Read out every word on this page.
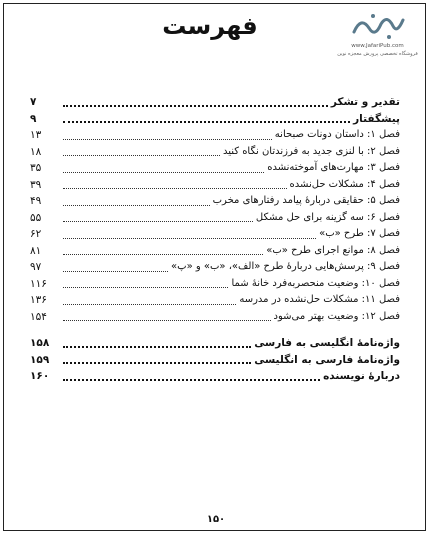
www.JafariPub.com
فروشگاه تخصصی پرورش معجزه نوین
فهرست
تقدیر و تشکر
۷
پیشگفتار
۹
فصل ۱: داستان دونات صبحانه
۱۳
فصل ۲: با لنزی جدید به فرزندتان نگاه کنید
۱۸
فصل ۳: مهارت‌های آموخته‌نشده
۳۵
فصل ۴: مشکلات حل‌نشده
۳۹
فصل ۵: حقایقی دربارهٔ پیامد رفتارهای مخرب
۴۹
فصل ۶: سه گزینه برای حل مشکل
۵۵
فصل ۷: طرح «ب»
۶۲
فصل ۸: موانع اجرای طرح «ب»
۸۱
فصل ۹: پرسش‌هایی دربارهٔ طرح «الف»، «ب» و «پ»
۹۷
فصل ۱۰: وضعیت منحصربه‌فرد خانهٔ شما
۱۱۶
فصل ۱۱: مشکلات حل‌نشده در مدرسه
۱۳۶
فصل ۱۲: وضعیت بهتر می‌شود
۱۵۴
واژه‌نامهٔ انگلیسی به فارسی
۱۵۸
واژه‌نامهٔ فارسی به انگلیسی
۱۵۹
دربارهٔ نویسنده
۱۶۰
۱۵۰
